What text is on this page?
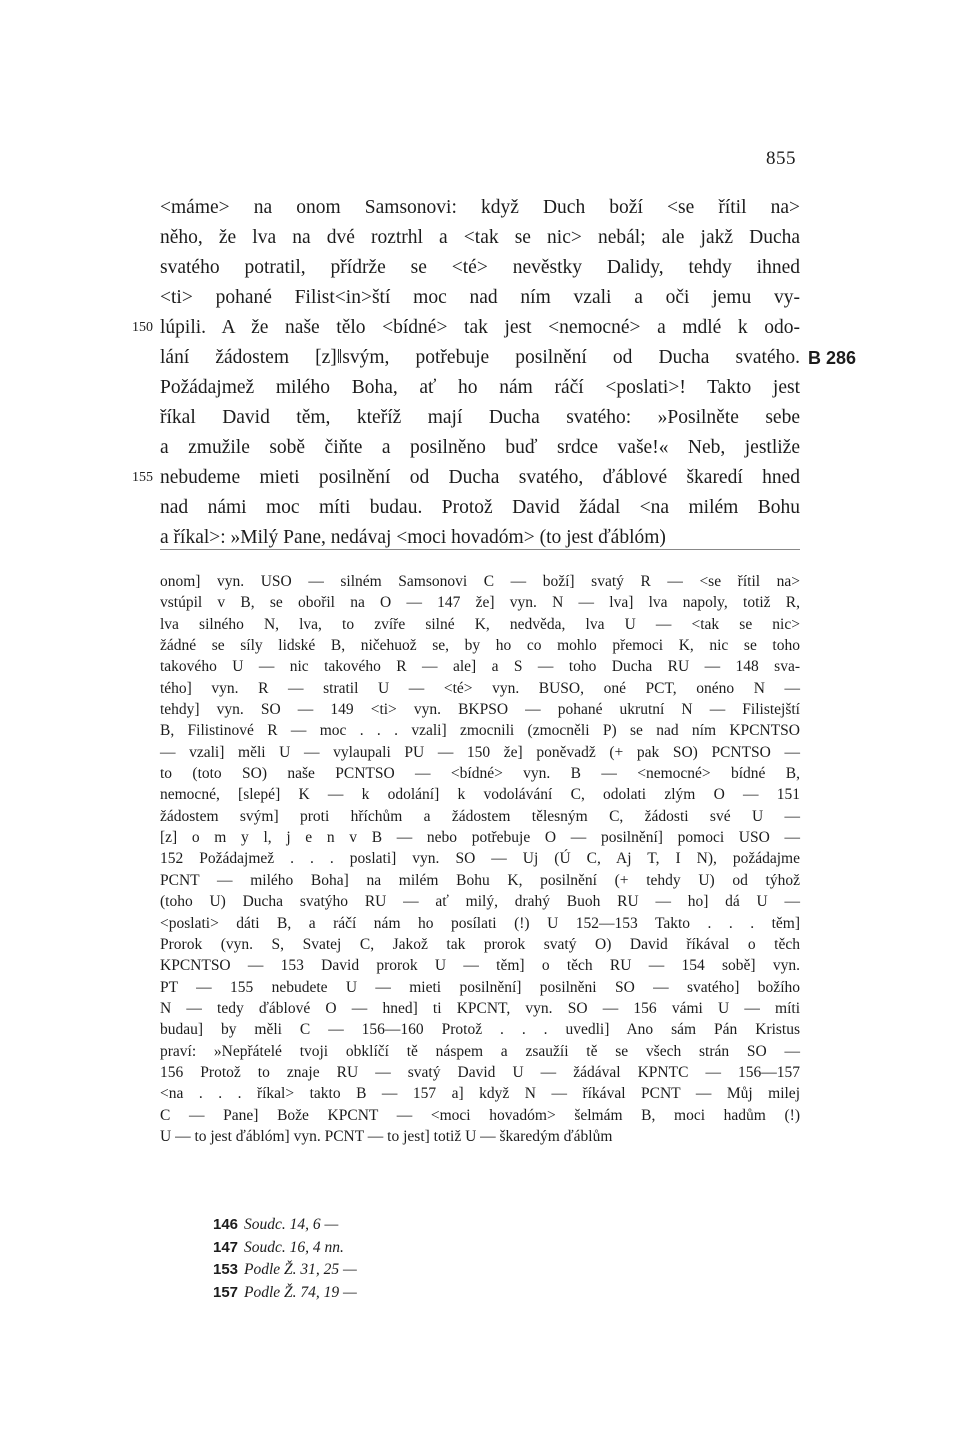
855
<máme> na onom Samsonovi: když Duch boží <se řítil na>
něho, že lva na dvé roztrhl a <tak se nic> nebál; ale jakž Ducha
svatého potratil, přídrže se <té> nevěstky Dalidy, tehdy ihned
<ti> pohané Filist<in>ští moc nad ním vzali a oči jemu vy-
150 lúpili. A že naše tělo <bídné> tak jest <nemocné> a mdlé k odo-
lání žádostem [z]‖svým, potřebuje posilnění od Ducha svatého. B 286
Požádajmež milého Boha, ať ho nám ráčí <poslati>! Takto jest
říkal David těm, kteříž mají Ducha svatého: »Posilněte sebe
a zmužile sobě čiňte a posilněno buď srdce vaše!« Neb, jestliže
155 nebudeme mieti posilnění od Ducha svatého, ďáblové škaredí hned
nad námi moc míti budau. Protož David žádal <na milém Bohu
a říkal>: »Milý Pane, nedávaj <moci hovadóm> (to jest ďáblóm)
onom] vyn. USO — silném Samsonovi C — boží] svatý R — <se řítil na>
vstúpil v B, se obořil na O — 147 že] vyn. N — lva] lva napoly, totiž R,
lva silného N, lva, to zvíře silné K, nedvěda, lva U — <tak se nic>
žádné se síly lidské B, ničehuož se, by ho co mohlo přemoci K, nic se toho
takového U — nic takového R — ale] a S — toho Ducha RU — 148 sva-
tého] vyn. R — stratil U — <té> vyn. BUSO, oné PCT, onéno N —
tehdy] vyn. SO — 149 <ti> vyn. BKPSO — pohané ukrutní N — Filistejští
B, Filistinové R — moc . . . vzali] zmocnili (zmocněli P) se nad ním KPCNTSO
— vzali] měli U — vylaupali PU — 150 že] poněvadž (+ pak SO) PCNTSO —
to (toto SO) naše PCNTSO — <bídné> vyn. B — <nemocné> bídné B,
nemocné, [slepé] K — k odolání] k vodolávání C, odolati zlým O — 151
žádostem svým] proti hříchům a žádostem tělesným C, žádosti své U —
[z] o m y l, j e n v B — nebo potřebuje O — posilnění] pomoci USO —
152 Požádajmež . . . poslati] vyn. SO — Uj (Ú C, Aj T, I N), požádajme
PCNT — milého Boha] na milém Bohu K, posilnění (+ tehdy U) od týhož
(toho U) Ducha svatýho RU — ať milý, drahý Buoh RU — ho] dá U —
<poslati> dáti B, a ráčí nám ho posílati (!) U 152—153 Takto . . . těm]
Prorok (vyn. S, Svatej C, Jakož tak prorok svatý O) David říkával o těch
KPCNTSO — 153 David prorok U — těm] o těch RU — 154 sobě] vyn.
PT — 155 nebudete U — mieti posilnění] posilněni SO — svatého] božího
N — tedy ďáblové O — hned] ti KPCNT, vyn. SO — 156 vámi U — míti
budau] by měli C — 156—160 Protož . . . uvedli] Ano sám Pán Kristus
praví: »Nepřátelé tvoji obklíčí tě náspem a zsaužíi tě se všech strán SO —
156 Protož to znaje RU — svatý David U — žádával KPNTC — 156—157
<na . . . říkal> takto B — 157 a] když N — říkával PCNT — Můj milej
C — Pane] Bože KPCNT — <moci hovadóm> šelmám B, moci hadům (!)
U — to jest ďáblóm] vyn. PCNT — to jest] totiž U — škaredým ďáblům
146 Soudc. 14, 6 —
147 Soudc. 16, 4 nn.
153 Podle Ž. 31, 25 —
157 Podle Ž. 74, 19 —
